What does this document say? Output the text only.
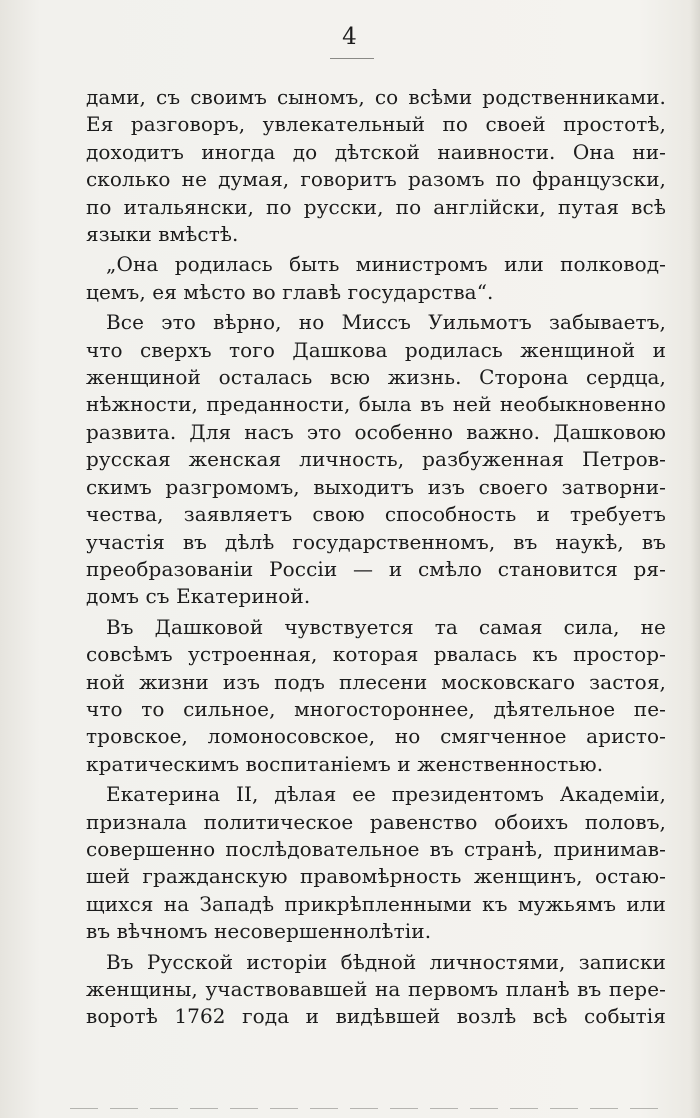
4
дами, съ своимъ сыномъ, со всѣми родственниками.
Ея разговоръ, увлекательный по своей простотѣ,
доходитъ иногда до дѣтской наивности. Она ни-
сколько не думая, говоритъ разомъ по французски,
по итальянски, по русски, по англійски, путая всѣ
языки вмѣстѣ.
„Она родилась быть министромъ или полковод-
цемъ, ея мѣсто во главѣ государства“.
Все это вѣрно, но Миссъ Уильмотъ забываетъ,
что сверхъ того Дашкова родилась женщиной и
женщиной осталась всю жизнь. Сторона сердца,
нѣжности, преданности, была въ ней необыкновенно
развита. Для насъ это особенно важно. Дашковою
русская женская личность, разбуженная Петров-
скимъ разгромомъ, выходитъ изъ своего затворни-
чества, заявляетъ свою способность и требуетъ
участія въ дѣлѣ государственномъ, въ наукѣ, въ
преобразованіи Россіи — и смѣло становится ря-
домъ съ Екатериной.
Въ Дашковой чувствуется та самая сила, не
совсѣмъ устроенная, которая рвалась къ простор-
ной жизни изъ подъ плесени московскаго застоя,
что то сильное, многостороннее, дѣятельное пе-
тровское, ломоносовское, но смягченное аристо-
кратическимъ воспитаніемъ и женственностью.
Екатерина II, дѣлая ее президентомъ Академіи,
признала политическое равенство обоихъ половъ,
совершенно послѣдовательное въ странѣ, принимав-
шей гражданскую правомѣрность женщинъ, остаю-
щихся на Западѣ прикрѣпленными къ мужьямъ или
въ вѣчномъ несовершеннолѣтіи.
Въ Русской исторіи бѣдной личностями, записки
женщины, участвовавшей на первомъ планѣ въ пере-
воротѣ 1762 года и видѣвшей возлѣ всѣ событія
